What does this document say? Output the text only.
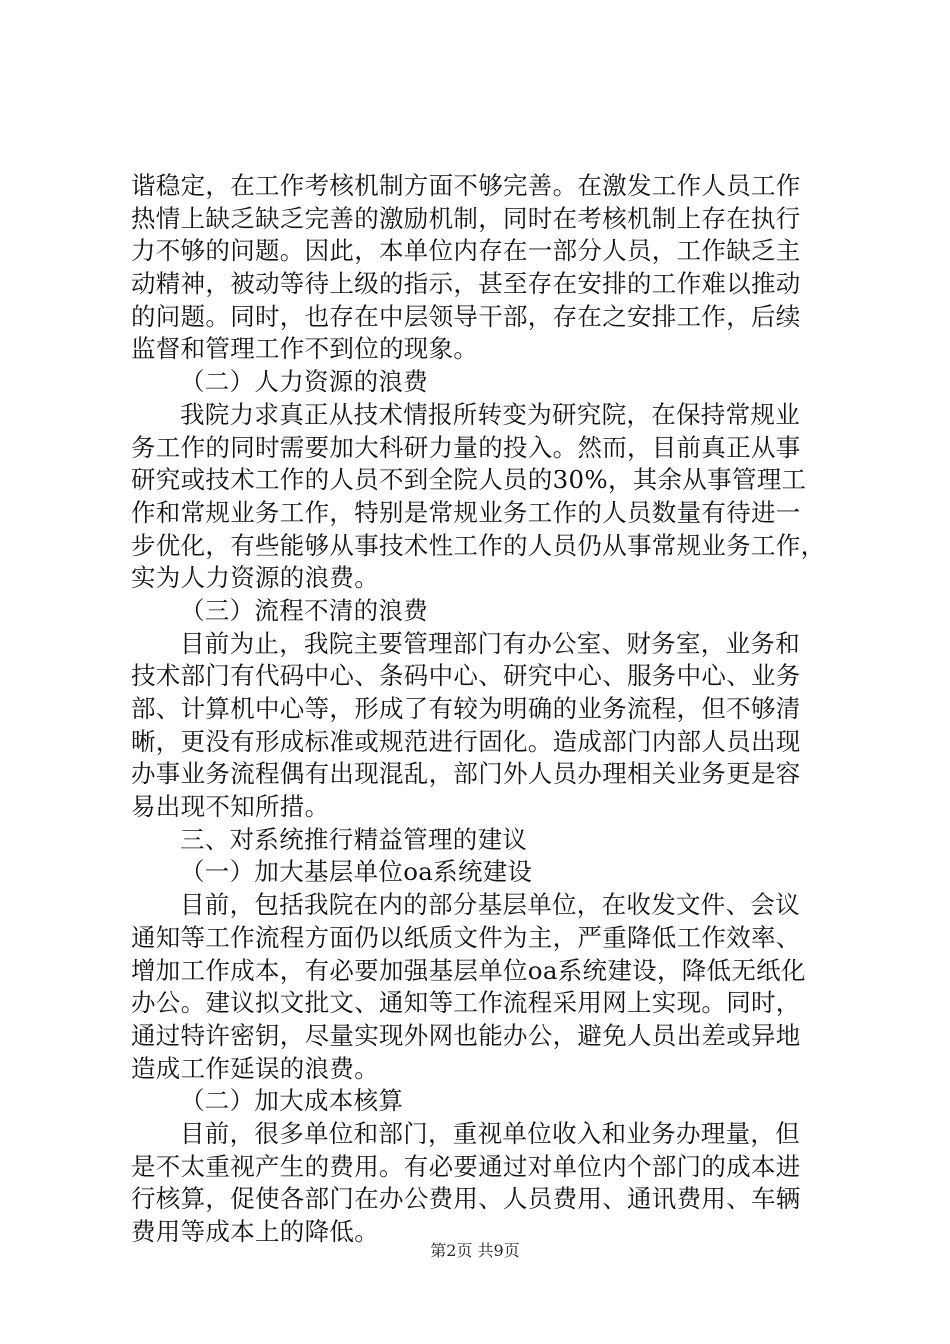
谐稳定，在工作考核机制方面不够完善。在激发工作人员工作
热情上缺乏缺乏完善的激励机制，同时在考核机制上存在执行
力不够的问题。因此，本单位内存在一部分人员，工作缺乏主
动精神，被动等待上级的指示，甚至存在安排的工作难以推动
的问题。同时，也存在中层领导干部，存在之安排工作，后续
监督和管理工作不到位的现象。
（二）人力资源的浪费
我院力求真正从技术情报所转变为研究院，在保持常规业
务工作的同时需要加大科研力量的投入。然而，目前真正从事
研究或技术工作的人员不到全院人员的30%，其余从事管理工
作和常规业务工作，特别是常规业务工作的人员数量有待进一
步优化，有些能够从事技术性工作的人员仍从事常规业务工作，
实为人力资源的浪费。
（三）流程不清的浪费
目前为止，我院主要管理部门有办公室、财务室，业务和
技术部门有代码中心、条码中心、研究中心、服务中心、业务
部、计算机中心等，形成了有较为明确的业务流程，但不够清
晰，更没有形成标准或规范进行固化。造成部门内部人员出现
办事业务流程偶有出现混乱，部门外人员办理相关业务更是容
易出现不知所措。
三、对系统推行精益管理的建议
（一）加大基层单位oa系统建设
目前，包括我院在内的部分基层单位，在收发文件、会议
通知等工作流程方面仍以纸质文件为主，严重降低工作效率、
增加工作成本，有必要加强基层单位oa系统建设，降低无纸化
办公。建议拟文批文、通知等工作流程采用网上实现。同时，
通过特许密钥，尽量实现外网也能办公，避免人员出差或异地
造成工作延误的浪费。
（二）加大成本核算
目前，很多单位和部门，重视单位收入和业务办理量，但
是不太重视产生的费用。有必要通过对单位内个部门的成本进
行核算，促使各部门在办公费用、人员费用、通讯费用、车辆
费用等成本上的降低。
第2页 共9页
